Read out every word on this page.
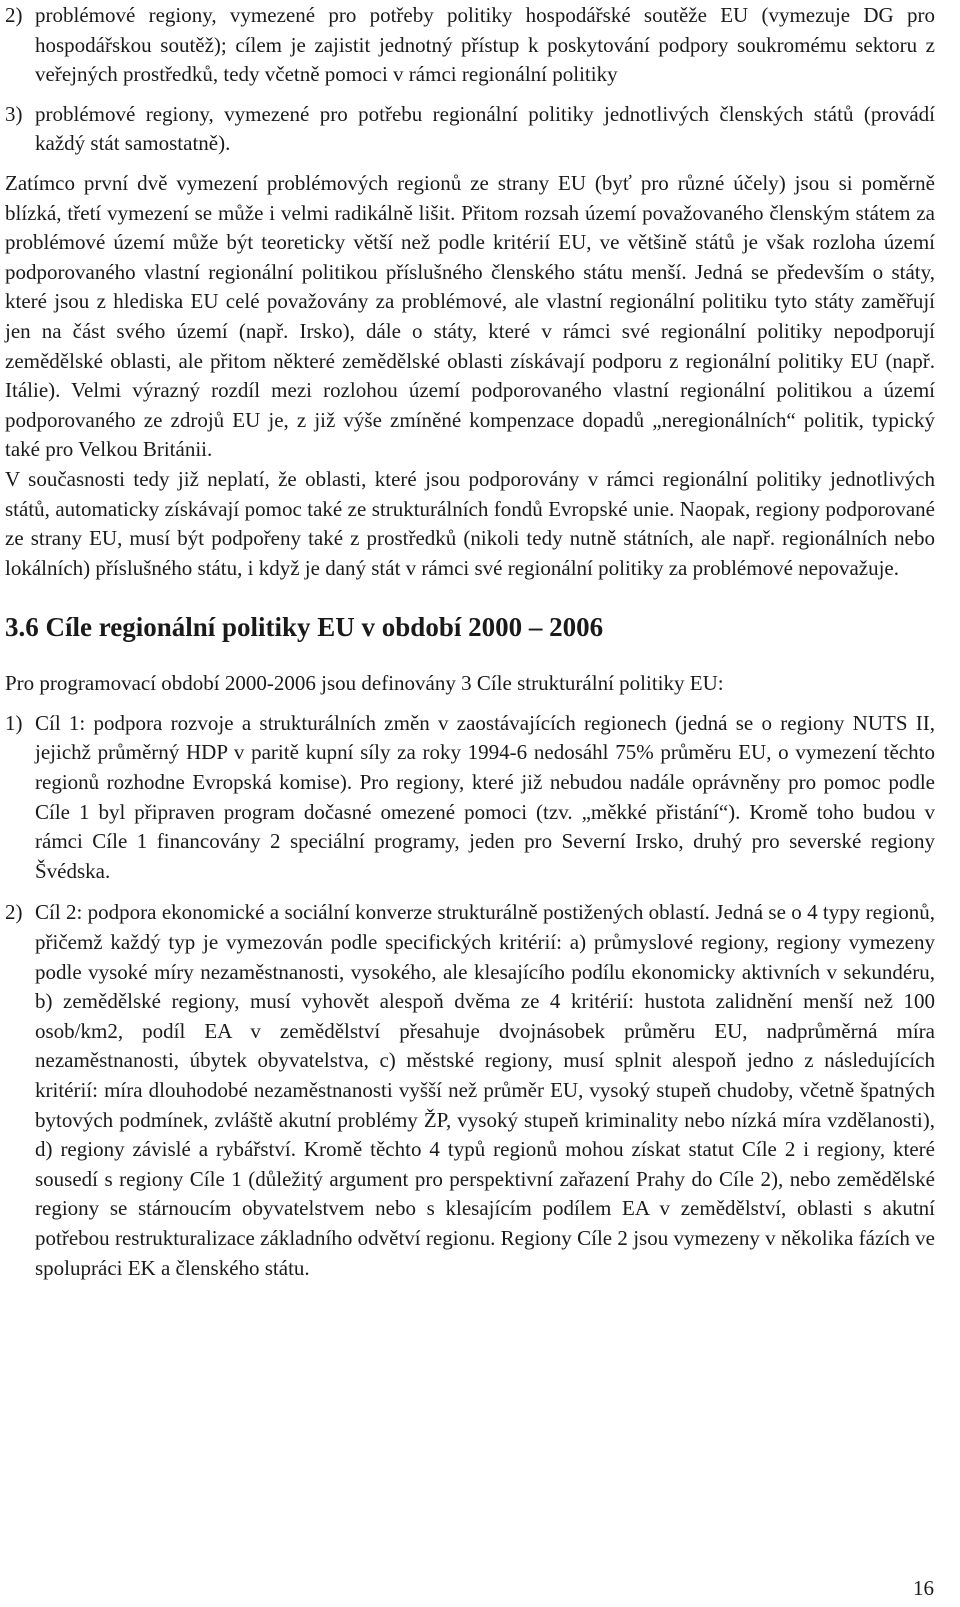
2) problémové regiony, vymezené pro potřeby politiky hospodářské soutěže EU (vymezuje DG pro hospodářskou soutěž); cílem je zajistit jednotný přístup k poskytování podpory soukromému sektoru z veřejných prostředků, tedy včetně pomoci v rámci regionální politiky
3) problémové regiony, vymezené pro potřebu regionální politiky jednotlivých členských států (provádí každý stát samostatně).

Zatímco první dvě vymezení problémových regionů ze strany EU (byť pro různé účely) jsou si poměrně blízká, třetí vymezení se může i velmi radikálně lišit. Přitom rozsah území považovaného členským státem za problémové území může být teoreticky větší než podle kritérií EU, ve většině států je však rozloha území podporovaného vlastní regionální politikou příslušného členského státu menší. Jedná se především o státy, které jsou z hlediska EU celé považovány za problémové, ale vlastní regionální politiku tyto státy zaměřují jen na část svého území (např. Irsko), dále o státy, které v rámci své regionální politiky nepodporují zemědělské oblasti, ale přitom některé zemědělské oblasti získávají podporu z regionální politiky EU (např. Itálie). Velmi výrazný rozdíl mezi rozlohou území podporovaného vlastní regionální politikou a území podporovaného ze zdrojů EU je, z již výše zmíněné kompenzace dopadů „neregionálních“ politik, typický také pro Velkou Británii.

V současnosti tedy již neplatí, že oblasti, které jsou podporovány v rámci regionální politiky jednotlivých států, automaticky získávají pomoc také ze strukturálních fondů Evropské unie. Naopak, regiony podporované ze strany EU, musí být podpořeny také z prostředků (nikoli tedy nutně státních, ale např. regionálních nebo lokálních) příslušného státu, i když je daný stát v rámci své regionální politiky za problémové nepovažuje.

3.6 Cíle regionální politiky EU v období 2000 – 2006

Pro programovací období 2000-2006 jsou definovány 3 Cíle strukturální politiky EU:

1) Cíl 1: podpora rozvoje a strukturálních změn v zaostávajících regionech (jedná se o regiony NUTS II, jejichž průměrný HDP v paritě kupní síly za roky 1994-6 nedosáhl 75% průměru EU, o vymezení těchto regionů rozhodne Evropská komise). Pro regiony, které již nebudou nadále oprávněny pro pomoc podle Cíle 1 byl připraven program dočasné omezené pomoci (tzv. „měkké přistání“). Kromě toho budou v rámci Cíle 1 financovány 2 speciální programy, jeden pro Severní Irsko, druhý pro severské regiony Švédska.
2) Cíl 2: podpora ekonomické a sociální konverze strukturálně postižených oblastí. Jedná se o 4 typy regionů, přičemž každý typ je vymezován podle specifických kritérií: a) průmyslové regiony, regiony vymezeny podle vysoké míry nezaměstnanosti, vysokého, ale klesajícího podílu ekonomicky aktivních v sekundéru, b) zemědělské regiony, musí vyhovět alespoň dvěma ze 4 kritérií: hustota zalidnění menší než 100 osob/km2, podíl EA v zemědělství přesahuje dvojnásobek průměru EU, nadprůměrná míra nezaměstnanosti, úbytek obyvatelstva, c) městské regiony, musí splnit alespoň jedno z následujících kritérií: míra dlouhodobé nezaměstnanosti vyšší než průměr EU, vysoký stupeň chudoby, včetně špatných bytových podmínek, zvláště akutní problémy ŽP, vysoký stupeň kriminality nebo nízká míra vzdělanosti), d) regiony závislé a rybářství. Kromě těchto 4 typů regionů mohou získat statut Cíle 2 i regiony, které sousedí s regiony Cíle 1 (důležitý argument pro perspektivní zařazení Prahy do Cíle 2), nebo zemědělské regiony se stárnoucím obyvatelstvem nebo s klesajícím podílem EA v zemědělství, oblasti s akutní potřebou restrukturalizace základního odvětví regionu. Regiony Cíle 2 jsou vymezeny v několika fázích ve spolupráci EK a členského státu.
16
